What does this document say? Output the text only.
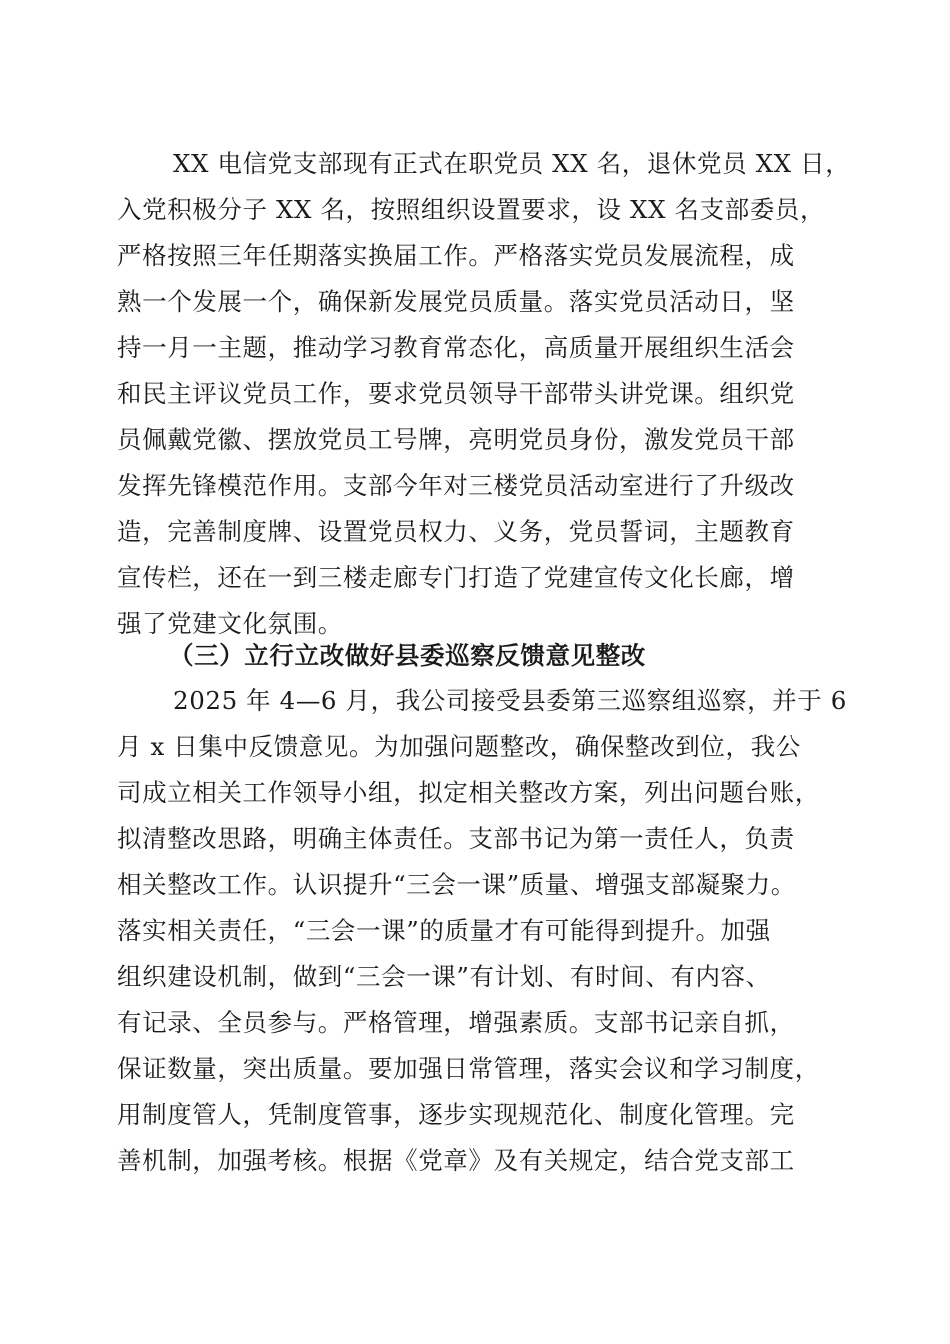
XX 电信党支部现有正式在职党员 XX 名，退休党员 XX 日，
入党积极分子 XX 名，按照组织设置要求，设 XX 名支部委员，
严格按照三年任期落实换届工作。严格落实党员发展流程，成
熟一个发展一个，确保新发展党员质量。落实党员活动日，坚
持一月一主题，推动学习教育常态化，高质量开展组织生活会
和民主评议党员工作，要求党员领导干部带头讲党课。组织党
员佩戴党徽、摆放党员工号牌，亮明党员身份，激发党员干部
发挥先锋模范作用。支部今年对三楼党员活动室进行了升级改
造，完善制度牌、设置党员权力、义务，党员誓词，主题教育
宣传栏，还在一到三楼走廊专门打造了党建宣传文化长廊，增
强了党建文化氛围。
（三）立行立改做好县委巡察反馈意见整改
2025 年 4—6 月，我公司接受县委第三巡察组巡察，并于 6
月 x 日集中反馈意见。为加强问题整改，确保整改到位，我公
司成立相关工作领导小组，拟定相关整改方案，列出问题台账，
拟清整改思路，明确主体责任。支部书记为第一责任人，负责
相关整改工作。认识提升“三会一课”质量、增强支部凝聚力。
落实相关责任，“三会一课”的质量才有可能得到提升。加强
组织建设机制，做到“三会一课”有计划、有时间、有内容、
有记录、全员参与。严格管理，增强素质。支部书记亲自抓，
保证数量，突出质量。要加强日常管理，落实会议和学习制度，
用制度管人，凭制度管事，逐步实现规范化、制度化管理。完
善机制，加强考核。根据《党章》及有关规定，结合党支部工
